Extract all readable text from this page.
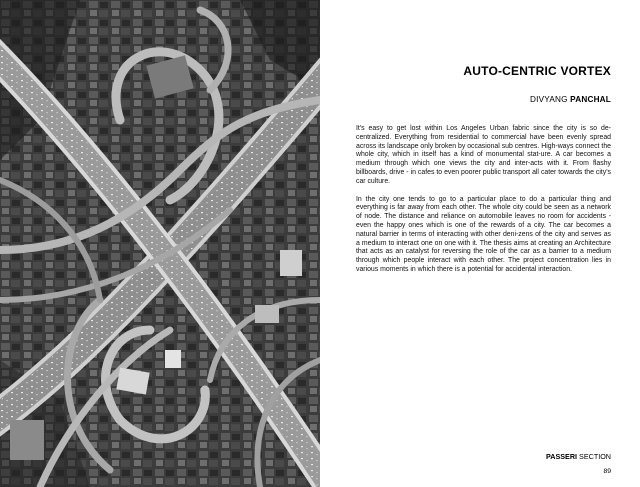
AUTO-CENTRIC VORTEX
DIVYANG PANCHAL

It's easy to get lost within Los Angeles Urban fabric since the city is so de-centralized. Everything from residential to commercial have been evenly spread across its landscape only broken by occasional sub centres. High-ways connect the whole city, which in itself has a kind of monumental stat-ure. A car becomes a medium through which one views the city and inter-acts with it. From flashy billboards, drive - in cafes to even poorer public transport all cater towards the city's car culture.

In the city one tends to go to a particular place to do a particular thing and everything is far away from each other. The whole city could be seen as a network of node. The distance and reliance on automobile leaves no room for accidents - even the happy ones which is one of the rewards of a city. The car becomes a natural barrier in terms of interacting with other deni-zens of the city and serves as a medium to interact one on one with it. The thesis aims at creating an Architecture that acts as an catalyst for reversing the role of the car as a barrier to a medium through which people interact with each other. The project concentration lies in various moments in which there is a potential for accidental interaction.

PASSERI SECTION
89
